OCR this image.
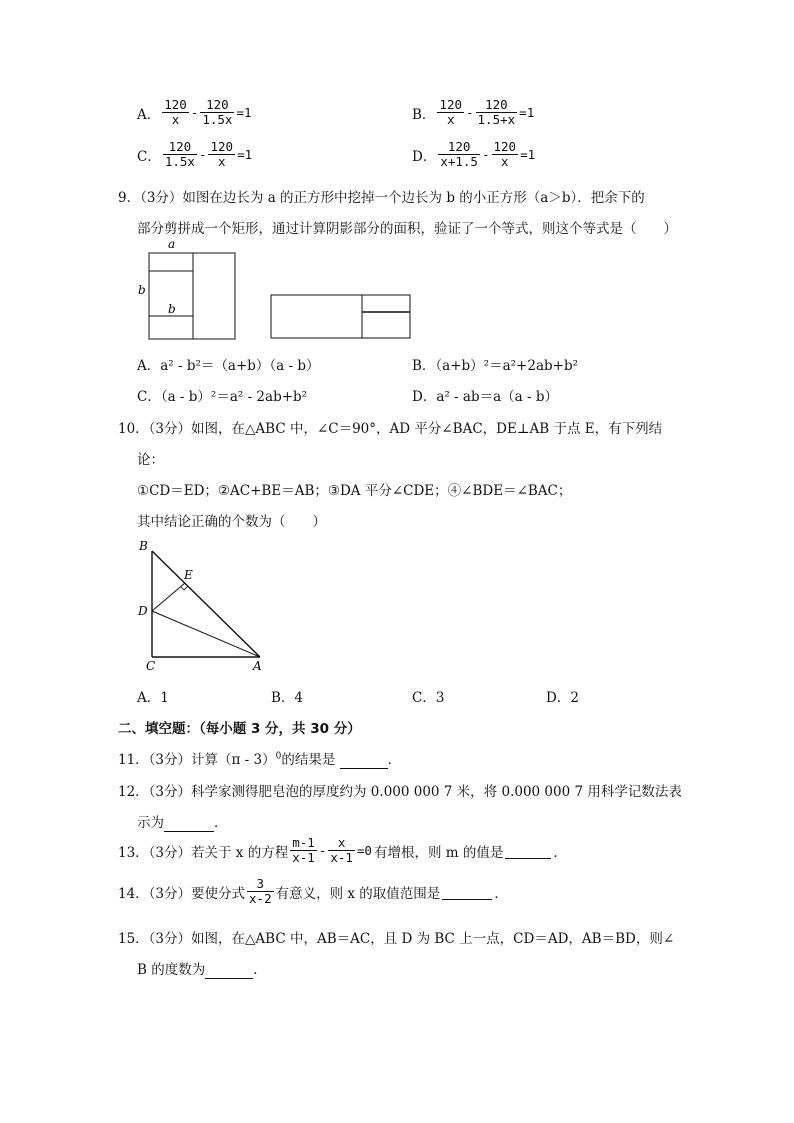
A． $\frac{120}{x} - \frac{120}{1.5x} =1$	B． $\frac{120}{x} - \frac{120}{1.5+x} =1$
C． $\frac{120}{1.5x} - \frac{120}{x} =1$	D． $\frac{120}{x+1.5} - \frac{120}{x} =1$
9．（3分）如图在边长为 a 的正方形中挖掉一个边长为 b 的小正方形（a＞b）．把余下的
部分剪拼成一个矩形，通过计算阴影部分的面积，验证了一个等式，则这个等式是（　　）
a
b
b
A．a² - b²＝（a+b）（a - b）	B．（a+b）²＝a²+2ab+b²
C．（a - b）²＝a² - 2ab+b²	D．a² - ab＝a（a - b）
10．（3分）如图，在△ABC 中，∠C＝90°，AD 平分∠BAC，DE⊥AB 于点 E，有下列结
论：
①CD＝ED；②AC+BE＝AB；③DA 平分∠CDE；④∠BDE＝∠BAC；
其中结论正确的个数为（　　）
B
E
D
C	A
A．1	B．4	C．3	D．2
二、填空题：（每小题 3 分，共 30 分）
11．（3分）计算（π - 3）$^0$的结果是	．
12．（3分）科学家测得肥皂泡的厚度约为 0.000 000 7 米，将 0.000 000 7 用科学记数法表
示为	．
13．（3分）若关于 x 的方程 $\frac{m-1}{x-1} - \frac{x}{x-1} =0$ 有增根，则 m 的值是
	．
14．（3分）要使分式 $\frac{3}{x-2}$ 有意义，则 x 的取值范围是
	．
15．（3分）如图，在△ABC 中，AB＝AC，且 D 为 BC 上一点，CD＝AD，AB＝BD，则∠
B 的度数为	．
